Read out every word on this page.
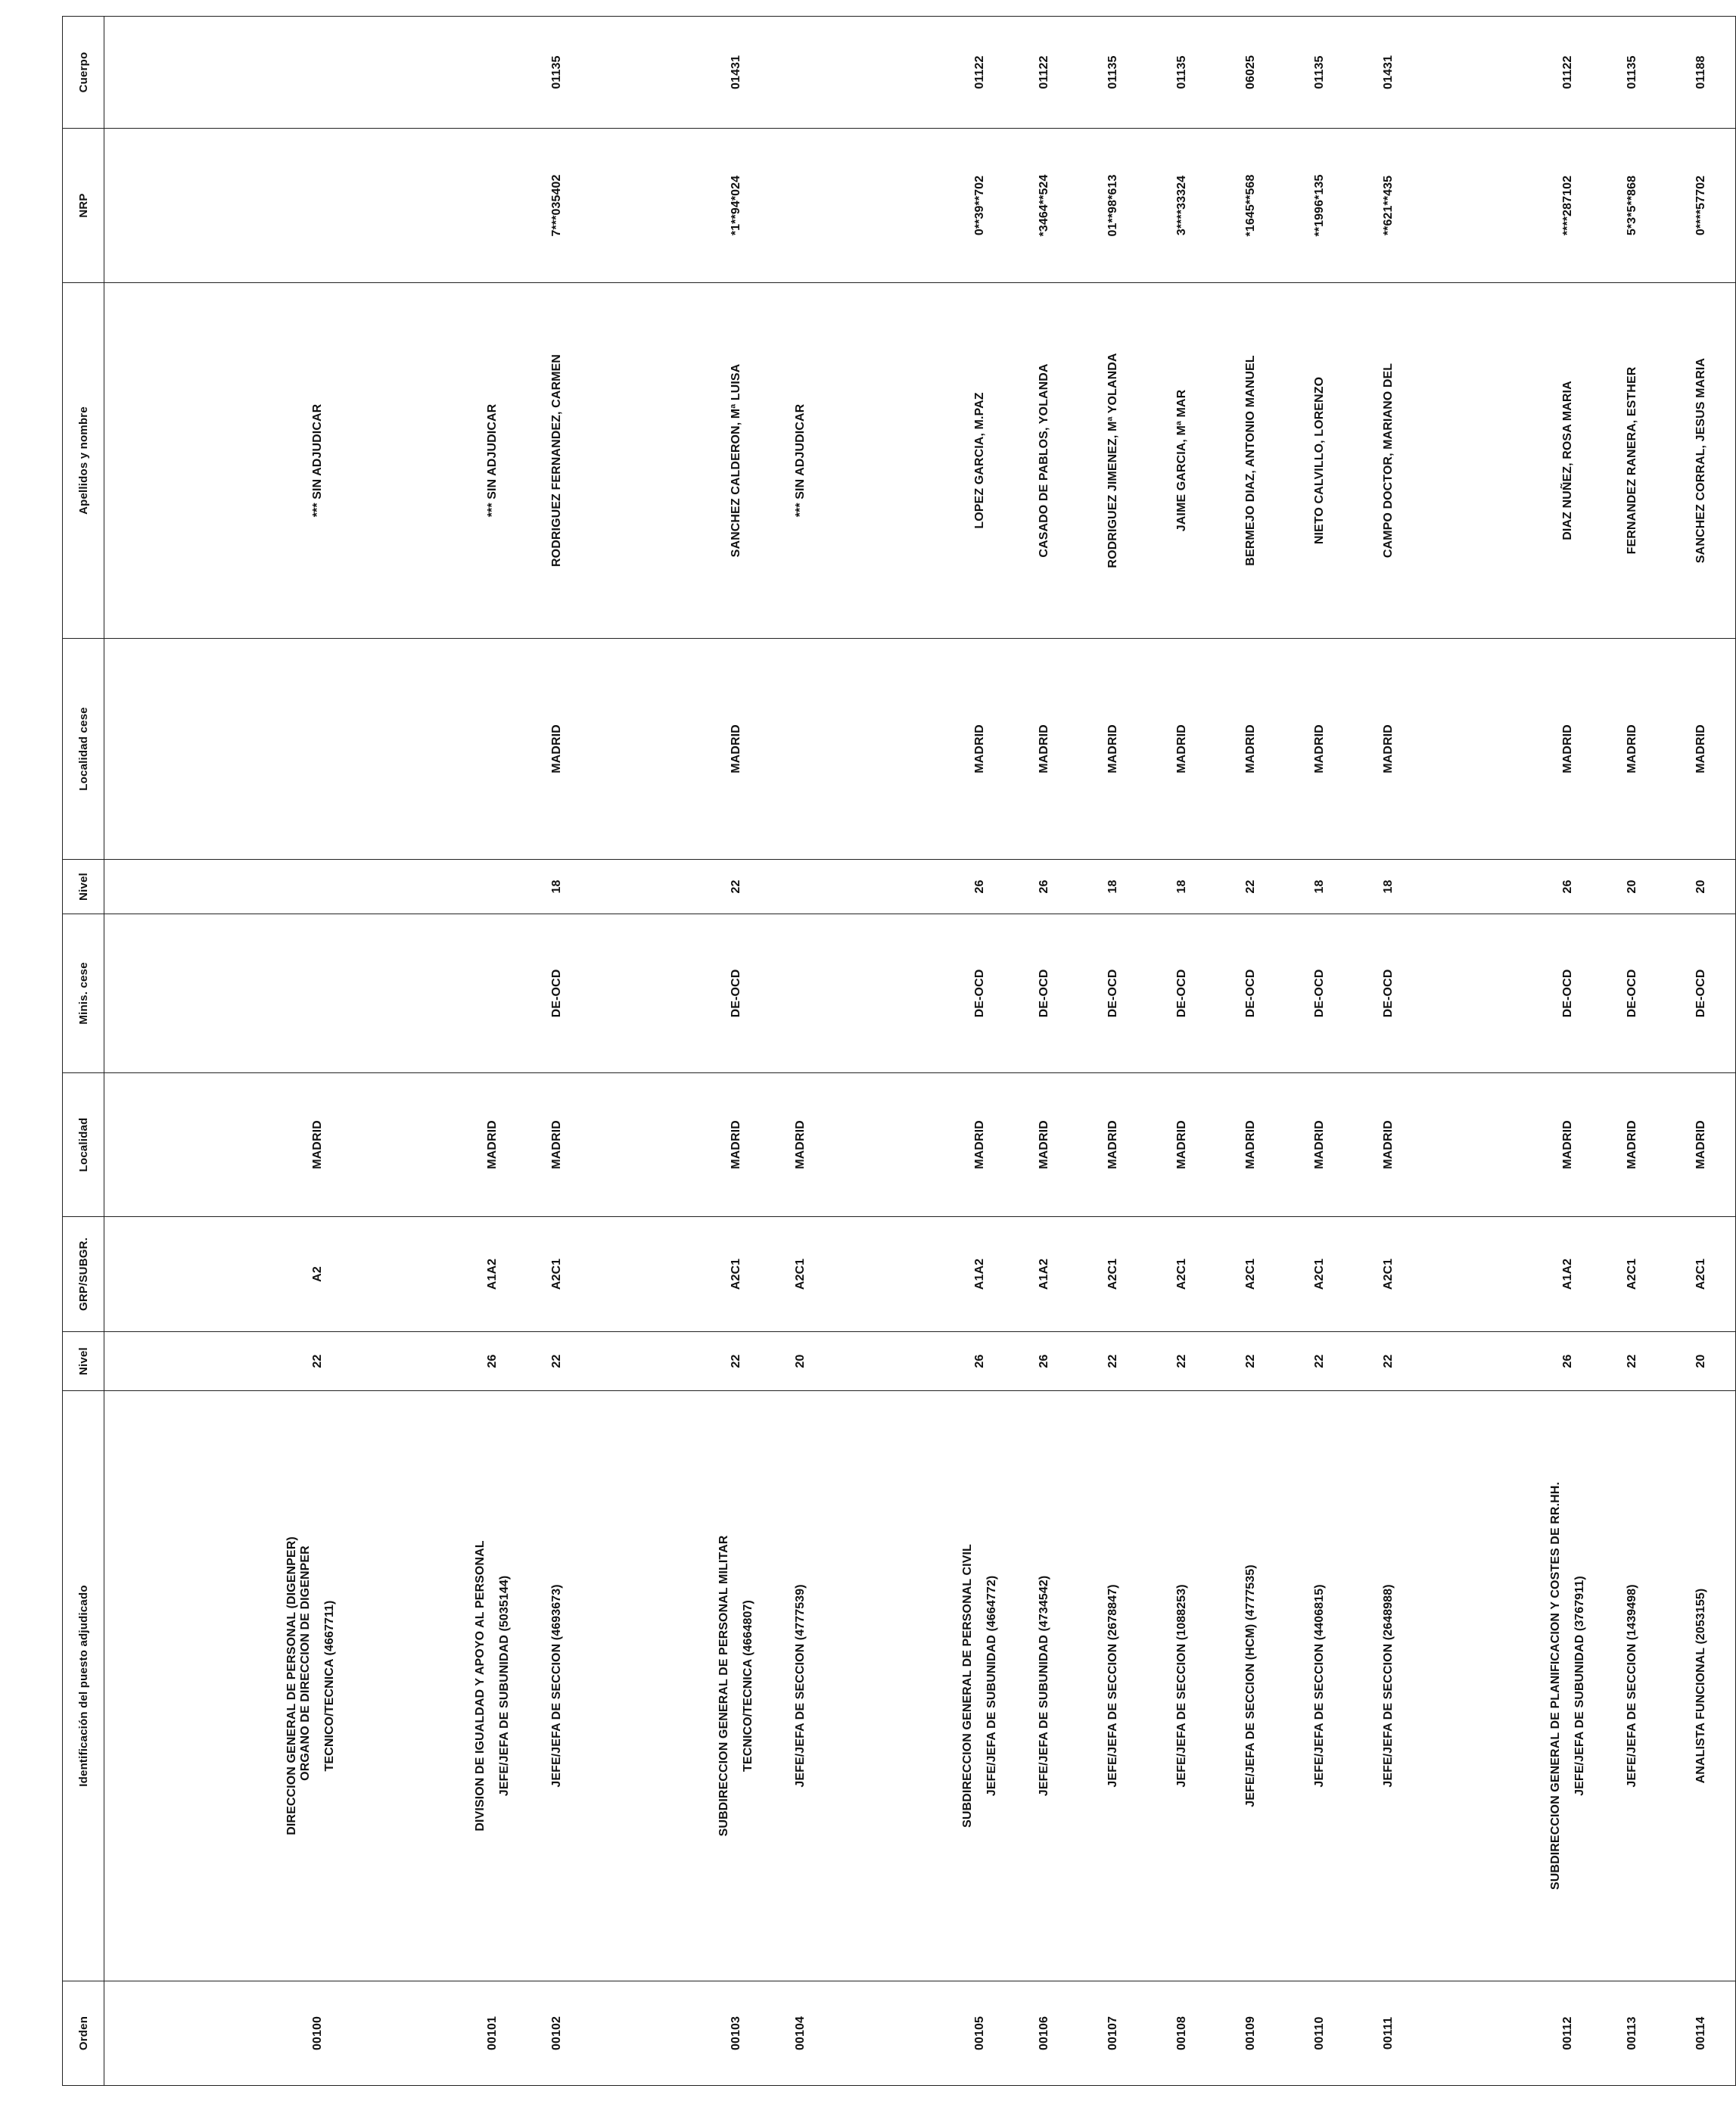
Orden	Identificación del puesto adjudicado	Nivel	GRP/SUBGR.	Localidad	Minis. cese	Nivel	Localidad cese	Apellidos y nombre	NRP	Cuerpo
00100	DIRECCION GENERAL DE PERSONAL (DIGENPER) ORGANO DE DIRECCION DE DIGENPER TECNICO/TECNICA (4667711)	22	A2	MADRID				*** SIN ADJUDICAR		
00101	DIVISION DE IGUALDAD Y APOYO AL PERSONAL JEFE/JEFA DE SUBUNIDAD (5035144)	26	A1A2	MADRID				*** SIN ADJUDICAR		
00102	JEFE/JEFA DE SECCION (4693673)	22	A2C1	MADRID	DE-OCD	18	MADRID	RODRIGUEZ FERNANDEZ, CARMEN	7***035402	01135
00103	SUBDIRECCION GENERAL DE PERSONAL MILITAR TECNICO/TECNICA (4664807)	22	A2C1	MADRID	DE-OCD	22	MADRID	SANCHEZ CALDERON, Mª LUISA	*1**94*024	01431
00104	JEFE/JEFA DE SECCION (4777539)	20	A2C1	MADRID				*** SIN ADJUDICAR		
00105	SUBDIRECCION GENERAL DE PERSONAL CIVIL JEFE/JEFA DE SUBUNIDAD (4664772)	26	A1A2	MADRID	DE-OCD	26	MADRID	LOPEZ GARCIA, M.PAZ	0**39**702	01122
00106	JEFE/JEFA DE SUBUNIDAD (4734542)	26	A1A2	MADRID	DE-OCD	26	MADRID	CASADO DE PABLOS, YOLANDA	*3464**524	01122
00107	JEFE/JEFA DE SECCION (2678847)	22	A2C1	MADRID	DE-OCD	18	MADRID	RODRIGUEZ JIMENEZ, Mª YOLANDA	01**98*613	01135
00108	JEFE/JEFA DE SECCION (1088253)	22	A2C1	MADRID	DE-OCD	18	MADRID	JAIME GARCIA, Mª MAR	3****33324	01135
00109	JEFE/JEFA DE SECCION (HCM) (4777535)	22	A2C1	MADRID	DE-OCD	22	MADRID	BERMEJO DIAZ, ANTONIO MANUEL	*1645**568	06025
00110	JEFE/JEFA DE SECCION (4406815)	22	A2C1	MADRID	DE-OCD	18	MADRID	NIETO CALVILLO, LORENZO	**1996*135	01135
00111	JEFE/JEFA DE SECCION (2648988)	22	A2C1	MADRID	DE-OCD	18	MADRID	CAMPO DOCTOR, MARIANO DEL	**621**435	01431
00112	SUBDIRECCION GENERAL DE PLANIFICACION Y COSTES DE RR.HH. JEFE/JEFA DE SUBUNIDAD (3767911)	26	A1A2	MADRID	DE-OCD	26	MADRID	DIAZ NUÑEZ, ROSA MARIA	****287102	01122
00113	JEFE/JEFA DE SECCION (1439498)	22	A2C1	MADRID	DE-OCD	20	MADRID	FERNANDEZ RANERA, ESTHER	5*3*5**868	01135
00114	ANALISTA FUNCIONAL (2053155)	20	A2C1	MADRID	DE-OCD	20	MADRID	SANCHEZ CORRAL, JESUS MARIA	0****57702	01188
